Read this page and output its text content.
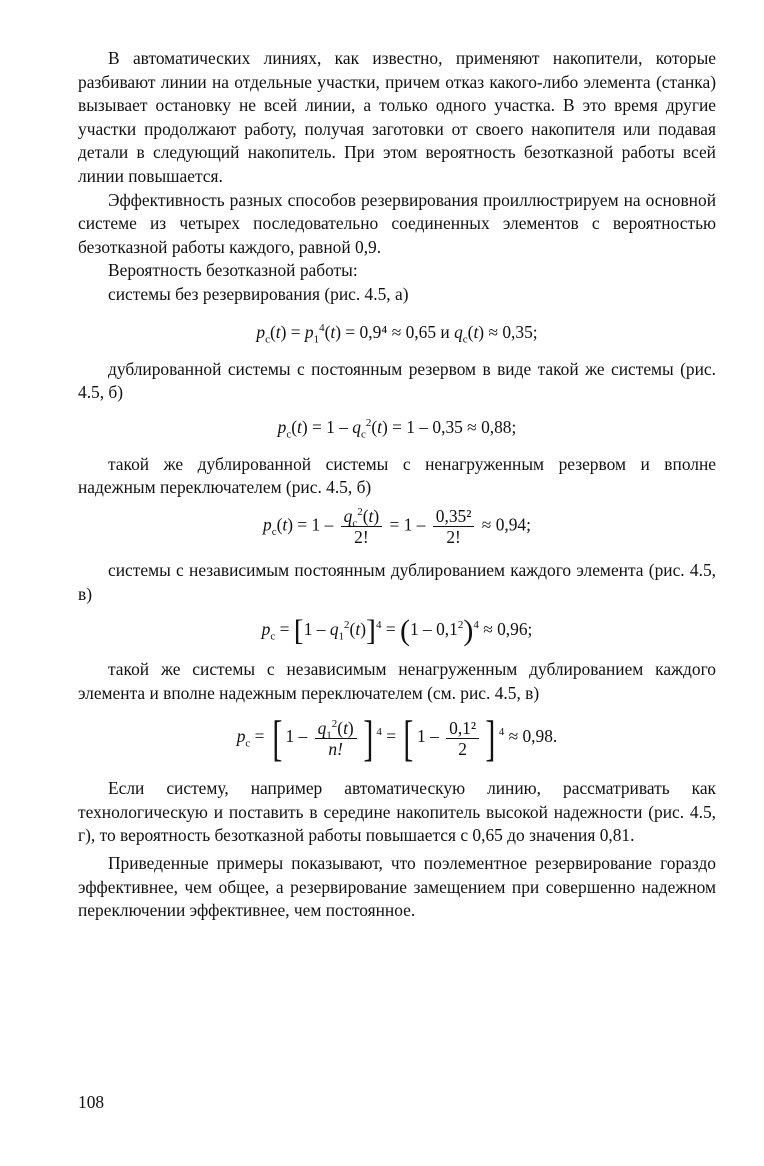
В автоматических линиях, как известно, применяют накопители, которые разбивают линии на отдельные участки, причем отказ какого-либо элемента (станка) вызывает остановку не всей линии, а только одного участка. В это время другие участки продолжают работу, получая заготовки от своего накопителя или подавая детали в следующий накопитель. При этом вероятность безотказной работы всей линии повышается.

Эффективность разных способов резервирования проиллюстрируем на основной системе из четырех последовательно соединенных элементов с вероятностью безотказной работы каждого, равной 0,9.

Вероятность безотказной работы:

системы без резервирования (рис. 4.5, а)

$p_c(t) = p_1^4(t) = 0,9^4 \approx 0,65$ и $q_c(t) \approx 0,35$;

дублированной системы с постоянным резервом в виде такой же системы (рис. 4.5, б)

$p_c(t) = 1 - q_c^2(t) = 1 - 0,35 \approx 0,88$;

такой же дублированной системы с ненагруженным резервом и вполне надежным переключателем (рис. 4.5, б)

$p_c(t) = 1 - \frac{q_c^2(t)}{2!} = 1 - \frac{\text{0,35²}}{2!} \approx 0,94$;

системы с независимым постоянным дублированием каждого элемента (рис. 4.5, в)

$p_c = [1 - q_1^2(t)]^4 = (1 - 0,1^2)^4 \approx 0,96$;

такой же системы с независимым ненагруженным дублированием каждого элемента и вполне надежным переключателем (см. рис. 4.5, в)

$p_c$ = [ $1 - \frac{q_1^2(t)}{n!}$ ] $^4$ = [ $1 - \frac{\text{0,1²}}{2}$ ] $^4$ ≈ 0,98.

Если систему, например автоматическую линию, рассматривать как технологическую и поставить в середине накопитель высокой надежности (рис. 4.5, г), то вероятность безотказной работы повышается с 0,65 до значения 0,81.

Приведенные примеры показывают, что поэлементное резервирование гораздо эффективнее, чем общее, а резервирование замещением при совершенно надежном переключении эффективнее, чем постоянное.

108
